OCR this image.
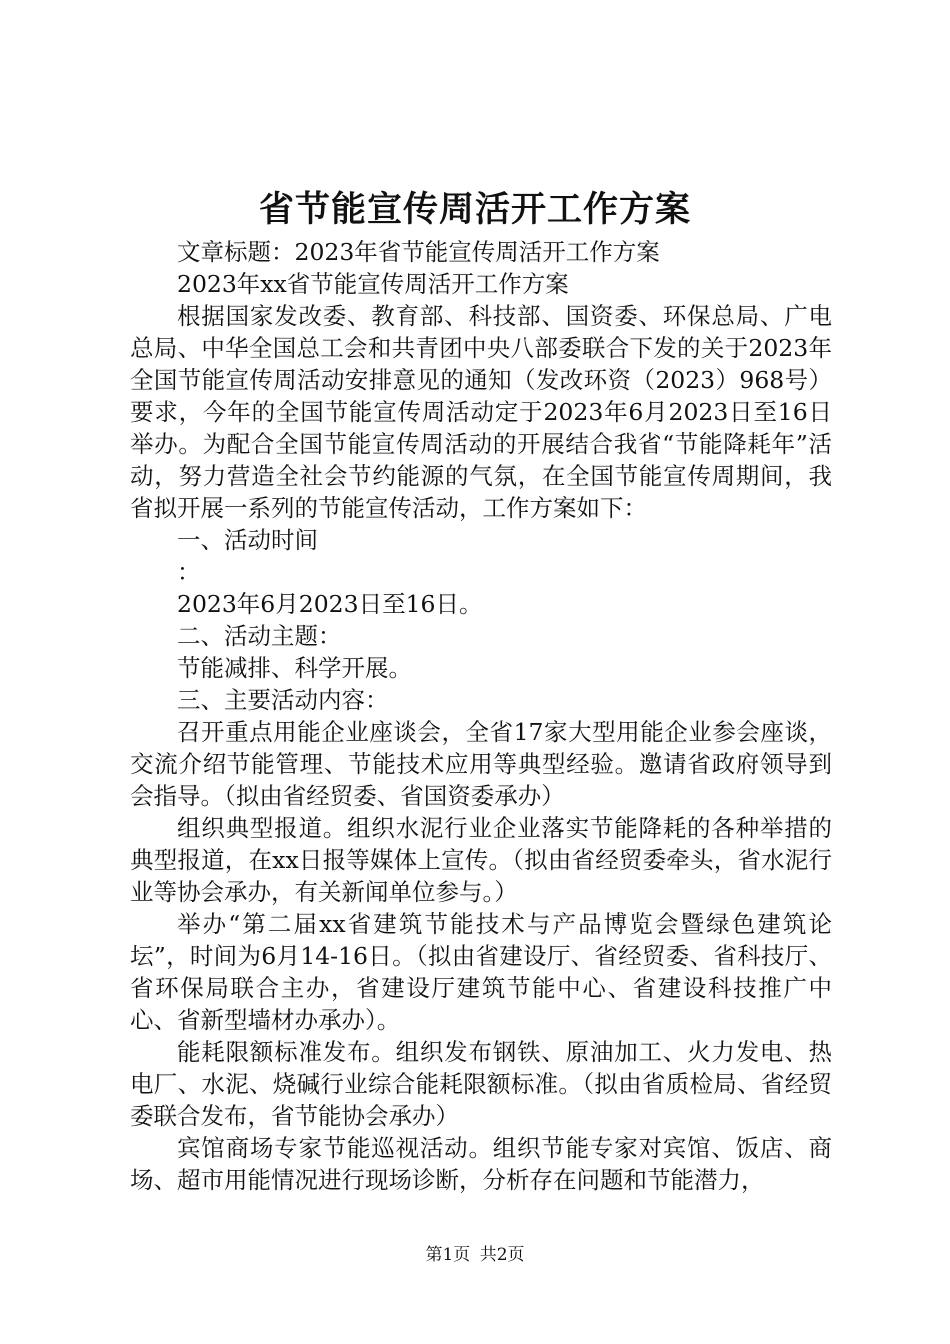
省节能宣传周活开工作方案

文章标题：2023年省节能宣传周活开工作方案

2023年xx省节能宣传周活开工作方案

根据国家发改委、教育部、科技部、国资委、环保总局、广电总局、中华全国总工会和共青团中央八部委联合下发的关于2023年全国节能宣传周活动安排意见的通知（发改环资（2023）968号）要求，今年的全国节能宣传周活动定于2023年6月2023日至16日举办。为配合全国节能宣传周活动的开展结合我省“节能降耗年”活动，努力营造全社会节约能源的气氛，在全国节能宣传周期间，我省拟开展一系列的节能宣传活动，工作方案如下：

一、活动时间

：

2023年6月2023日至16日。

二、活动主题：

节能减排、科学开展。

三、主要活动内容：

召开重点用能企业座谈会，全省17家大型用能企业参会座谈，交流介绍节能管理、节能技术应用等典型经验。邀请省政府领导到会指导。（拟由省经贸委、省国资委承办）

组织典型报道。组织水泥行业企业落实节能降耗的各种举措的典型报道，在xx日报等媒体上宣传。（拟由省经贸委牵头，省水泥行业等协会承办，有关新闻单位参与。）

举办“第二届xx省建筑节能技术与产品博览会暨绿色建筑论坛”，时间为6月14-16日。（拟由省建设厅、省经贸委、省科技厅、省环保局联合主办，省建设厅建筑节能中心、省建设科技推广中心、省新型墙材办承办）。

能耗限额标准发布。组织发布钢铁、原油加工、火力发电、热电厂、水泥、烧碱行业综合能耗限额标准。（拟由省质检局、省经贸委联合发布，省节能协会承办）

宾馆商场专家节能巡视活动。组织节能专家对宾馆、饭店、商场、超市用能情况进行现场诊断，分析存在问题和节能潜力，

第1页 共2页
